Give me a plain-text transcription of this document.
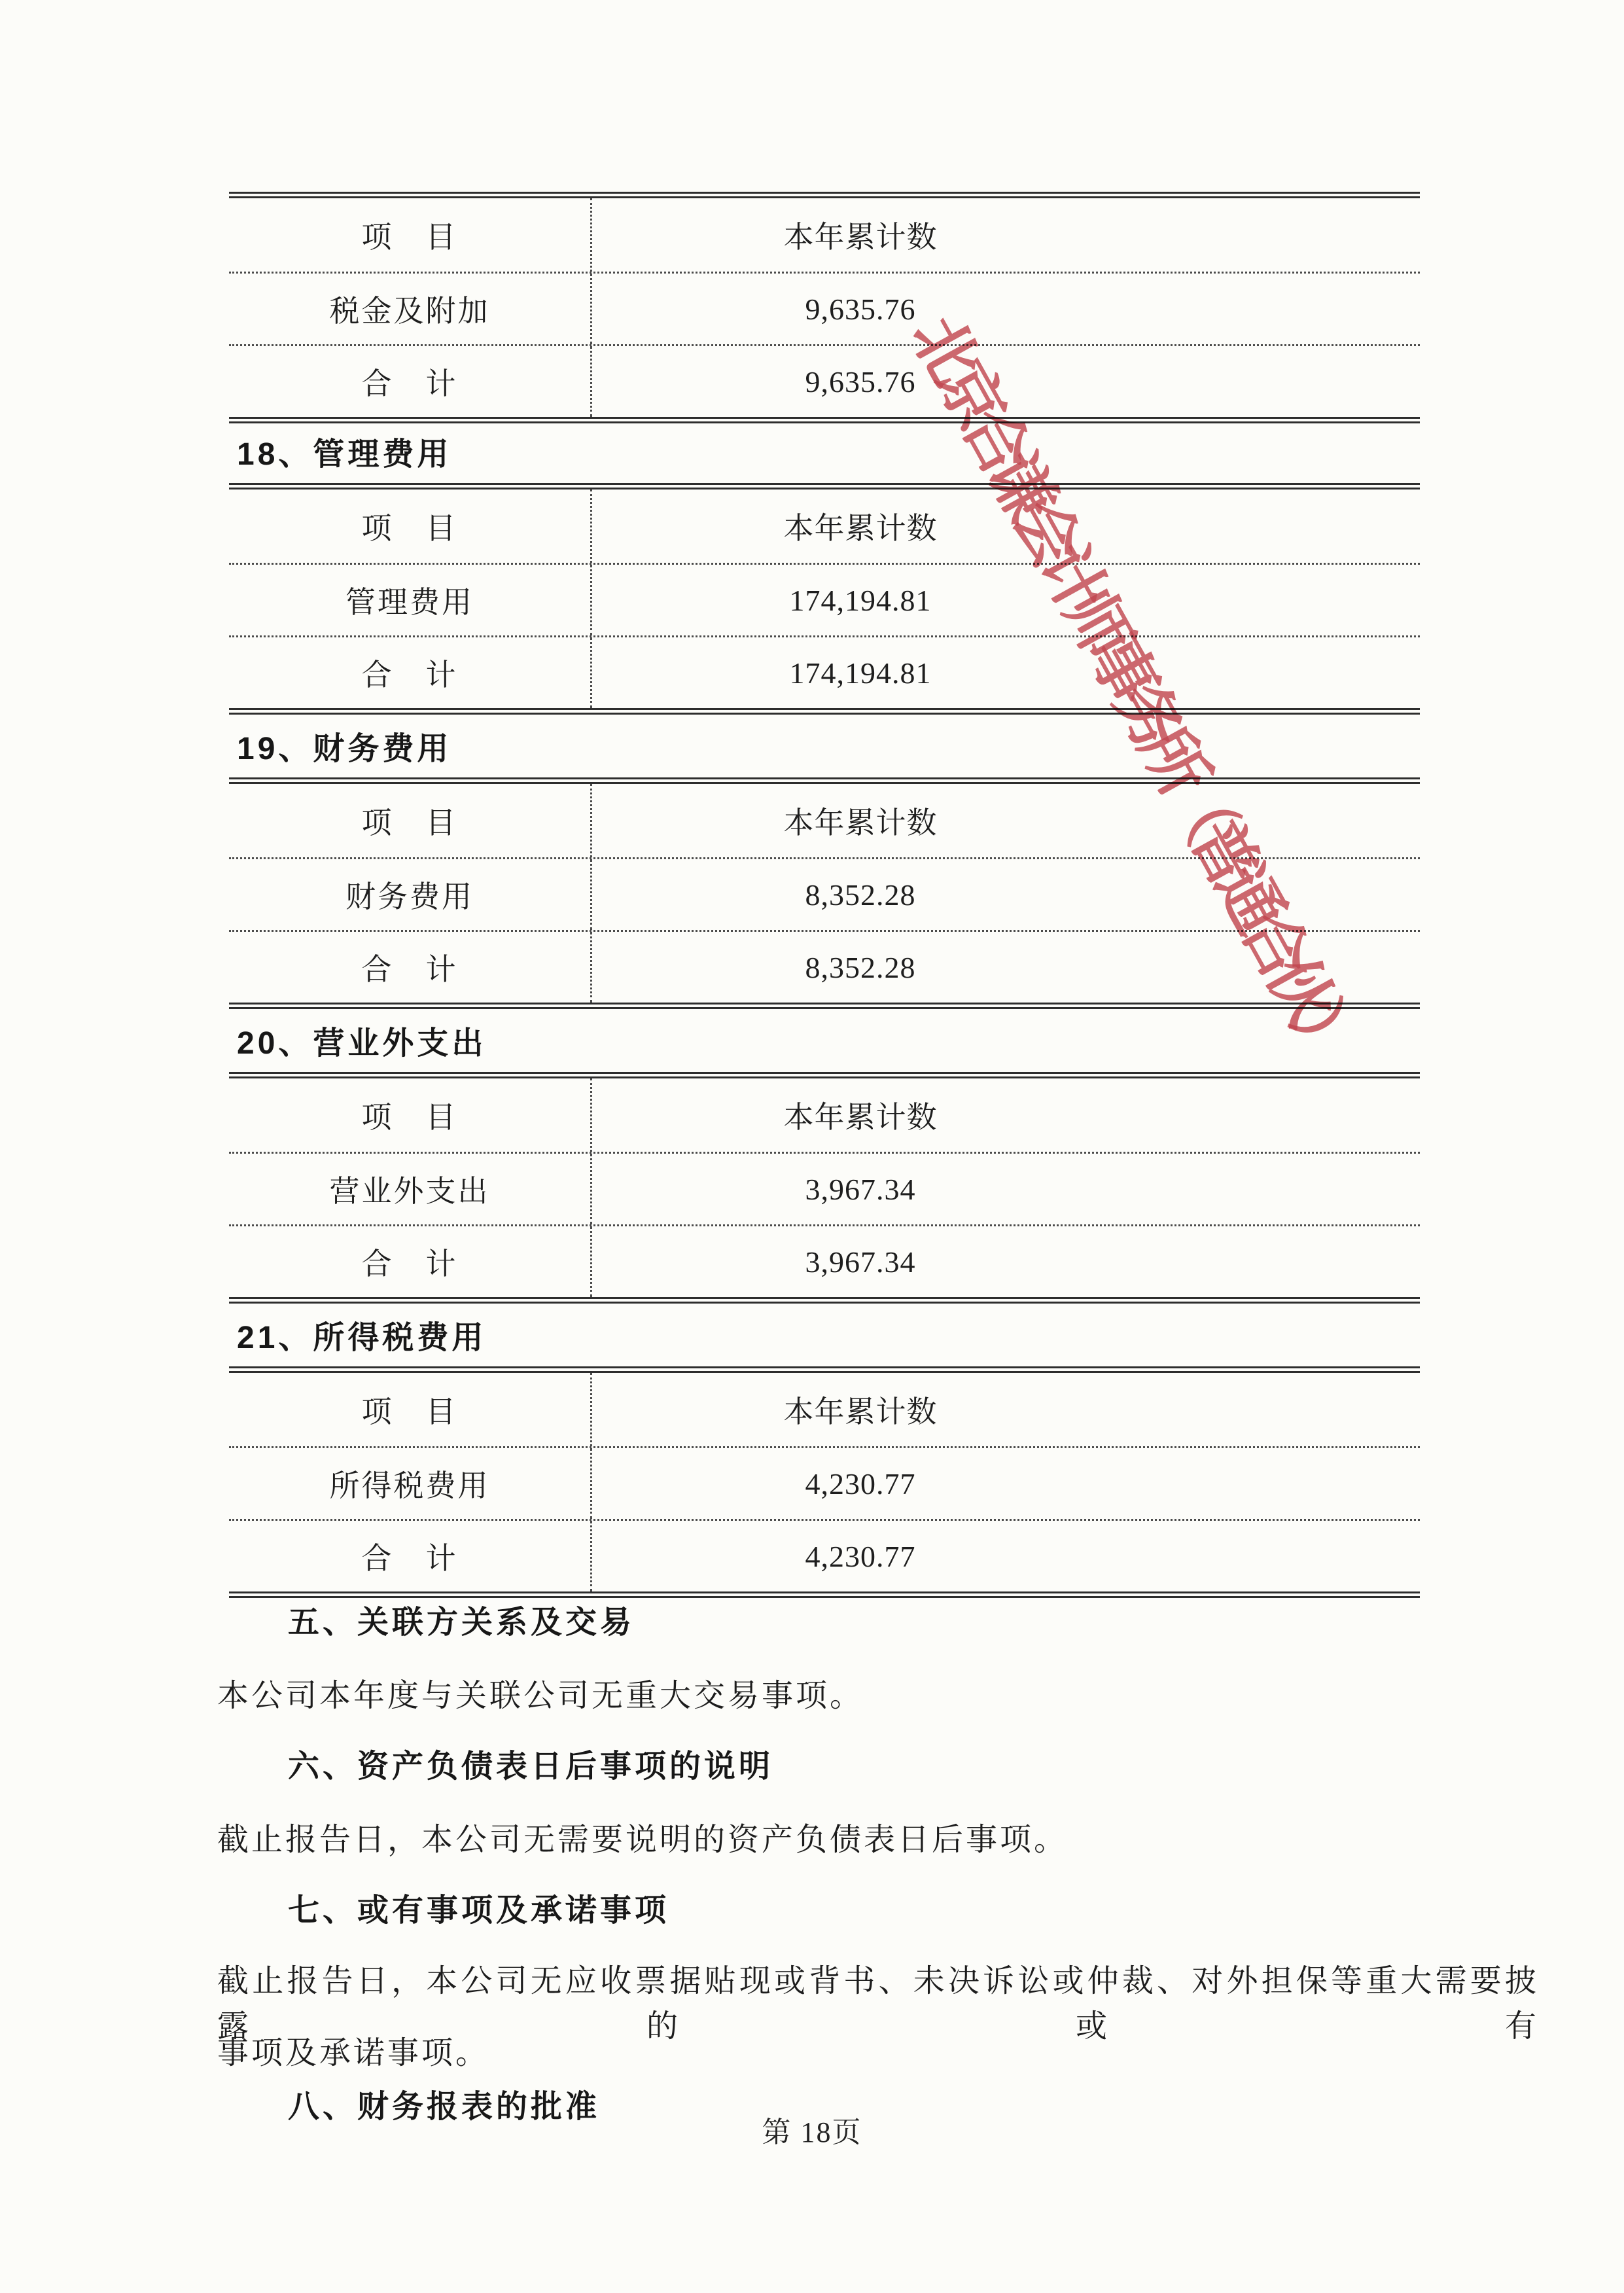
项　目	本年累计数
税金及附加	9,635.76
合　计	9,635.76
18、管理费用
项　目	本年累计数
管理费用	174,194.81
合　计	174,194.81
19、财务费用
项　目	本年累计数
财务费用	8,352.28
合　计	8,352.28
20、营业外支出
项　目	本年累计数
营业外支出	3,967.34
合　计	3,967.34
21、所得税费用
项　目	本年累计数
所得税费用	4,230.77
合　计	4,230.77
五、关联方关系及交易
本公司本年度与关联公司无重大交易事项。
六、资产负债表日后事项的说明
截止报告日，本公司无需要说明的资产负债表日后事项。
七、或有事项及承诺事项
截止报告日，本公司无应收票据贴现或背书、未决诉讼或仲裁、对外担保等重大需要披露的或有
事项及承诺事项。
八、财务报表的批准
北京合谦会计师事务所（普通合伙）
第 18页
